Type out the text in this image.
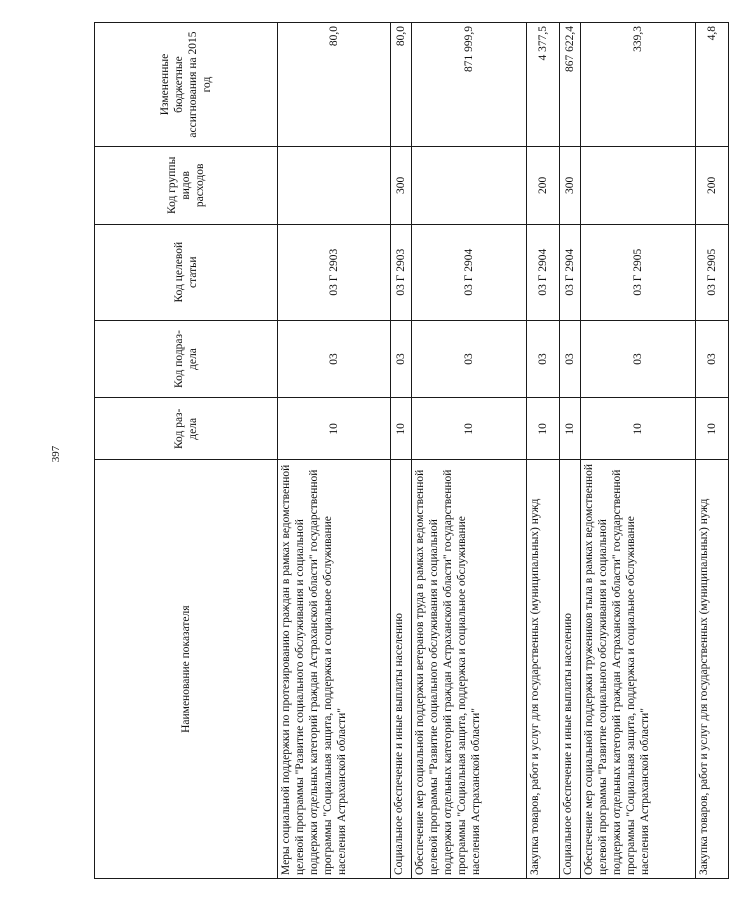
397
Наименование показателя	Код раз- дела	Код подраз- дела	Код целевой статьи	Код группы видов расходов	Измененные бюджетные ассигнования на 2015 год
Меры социальной поддержки по протезированию граждан в рамках ведомственной целевой программы "Развитие социального обслуживания и социальной поддержки отдельных категорий граждан Астраханской области" государственной программы "Социальная защита, поддержка и социальное обслуживание населения Астраханской области"	10	03	03 Г 2903		80,0
Социальное обеспечение и иные выплаты населению	10	03	03 Г 2903	300	80,0
Обеспечение мер социальной поддержки ветеранов труда в рамках ведомственной целевой программы "Развитие социального обслуживания и социальной поддержки отдельных категорий граждан Астраханской области" государственной программы "Социальная защита, поддержка и социальное обслуживание населения Астраханской области"	10	03	03 Г 2904		871 999,9
Закупка товаров, работ и услуг для государственных (муниципальных) нужд	10	03	03 Г 2904	200	4 377,5
Социальное обеспечение и иные выплаты населению	10	03	03 Г 2904	300	867 622,4
Обеспечение мер социальной поддержки тружеников тыла в рамках ведомственной целевой программы "Развитие социального обслуживания и социальной поддержки отдельных категорий граждан Астраханской области" государственной программы "Социальная защита, поддержка и социальное обслуживание населения Астраханской области"	10	03	03 Г 2905		339,3
Закупка товаров, работ и услуг для государственных (муниципальных) нужд	10	03	03 Г 2905	200	4,8
